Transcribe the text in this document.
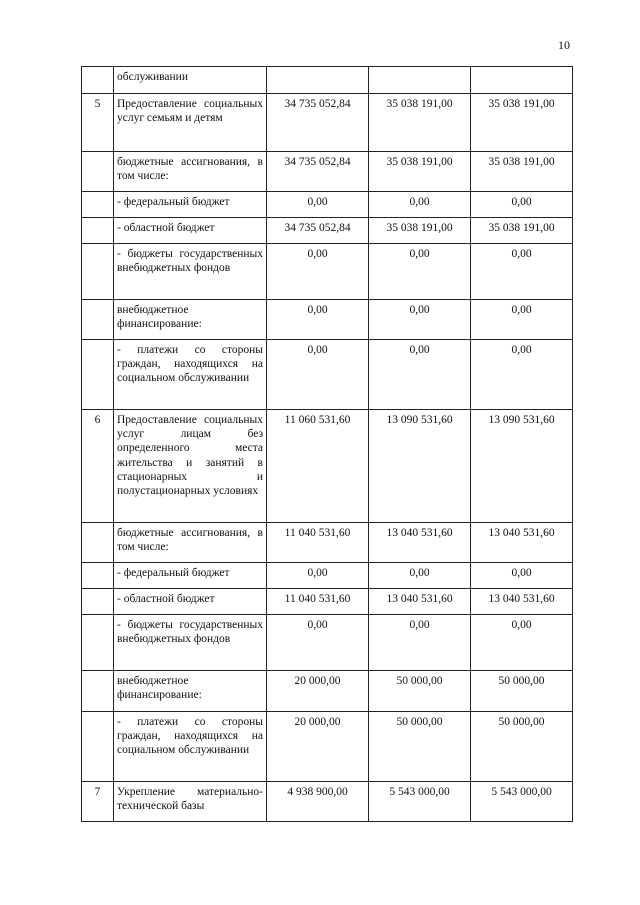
10
	обслуживании			
5	Предоставление социальных услуг семьям и детям	34 735 052,84	35 038 191,00	35 038 191,00
	бюджетные ассигнования, в том числе:	34 735 052,84	35 038 191,00	35 038 191,00
	- федеральный бюджет	0,00	0,00	0,00
	- областной бюджет	34 735 052,84	35 038 191,00	35 038 191,00
	- бюджеты государственных внебюджетных фондов	0,00	0,00	0,00
	внебюджетное финансирование:	0,00	0,00	0,00
	- платежи со стороны граждан, находящихся на социальном обслуживании	0,00	0,00	0,00
6	Предоставление социальных услуг лицам без определенного места жительства и занятий в стационарных и полустационарных условиях	11 060 531,60	13 090 531,60	13 090 531,60
	бюджетные ассигнования, в том числе:	11 040 531,60	13 040 531,60	13 040 531,60
	- федеральный бюджет	0,00	0,00	0,00
	- областной бюджет	11 040 531,60	13 040 531,60	13 040 531,60
	- бюджеты государственных внебюджетных фондов	0,00	0,00	0,00
	внебюджетное финансирование:	20 000,00	50 000,00	50 000,00
	- платежи со стороны граждан, находящихся на социальном обслуживании	20 000,00	50 000,00	50 000,00
7	Укрепление материально-технической базы	4 938 900,00	5 543 000,00	5 543 000,00
